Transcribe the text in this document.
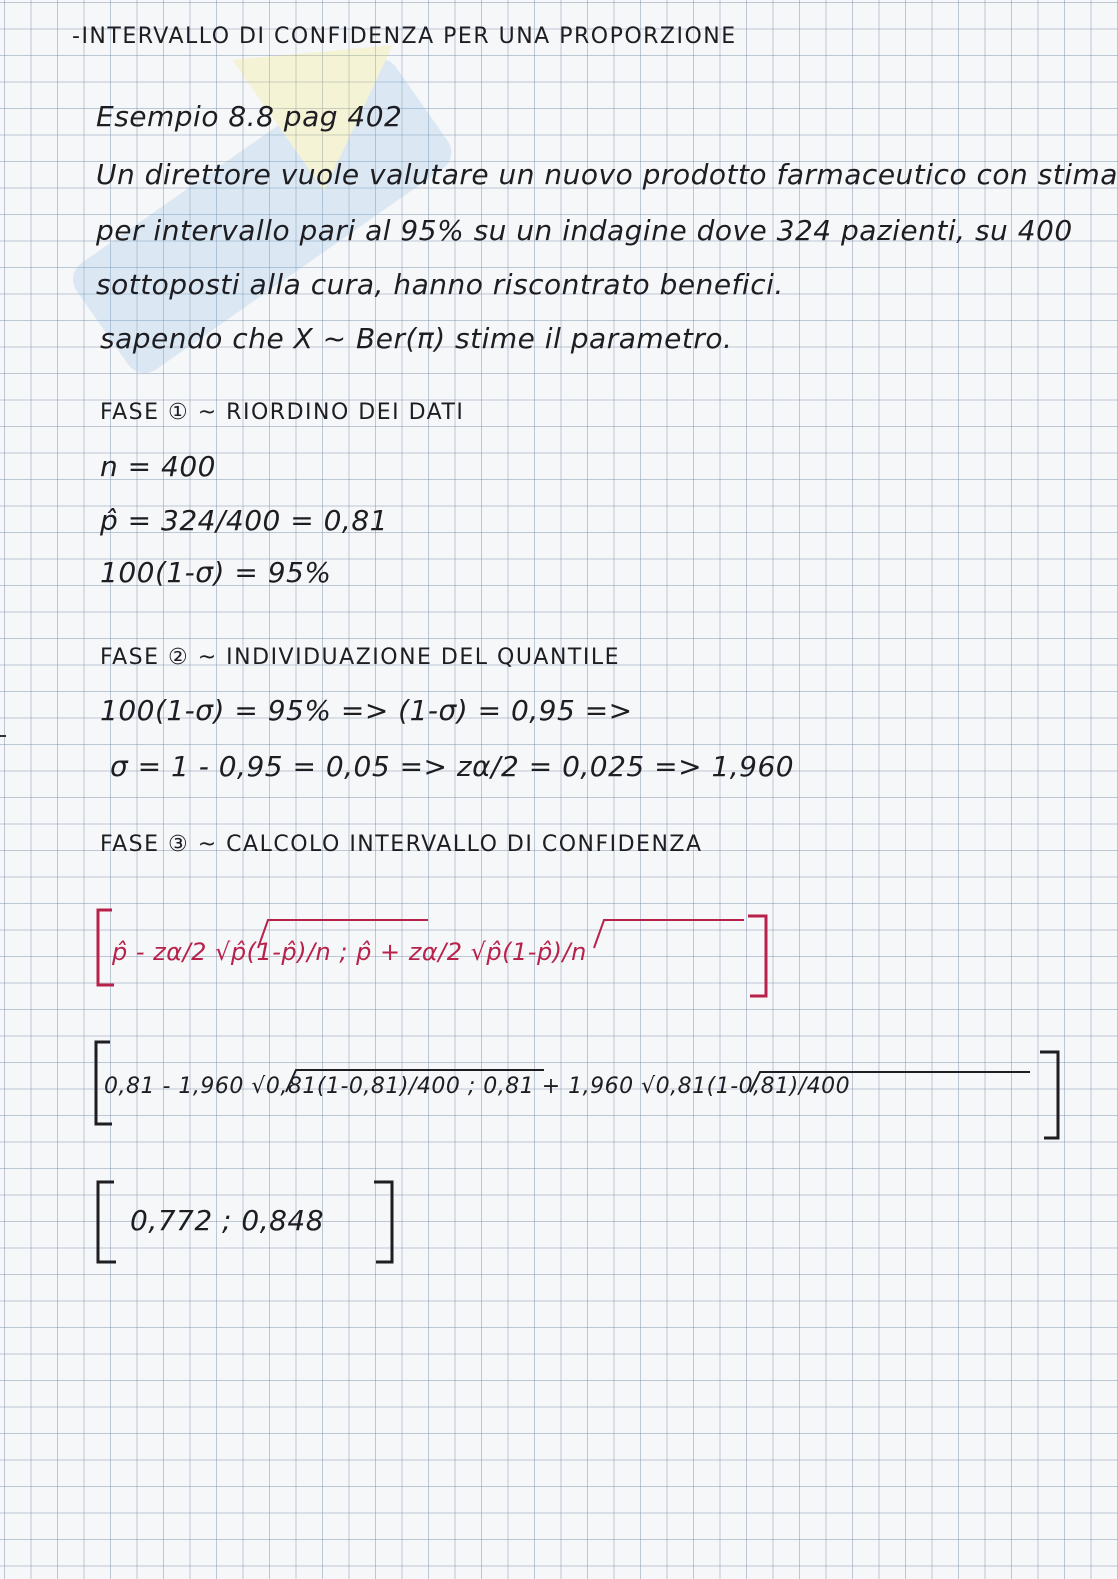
-INTERVALLO DI CONFIDENZA PER UNA PROPORZIONE
Esempio 8.8 pag 402
Un direttore vuole valutare un nuovo prodotto farmaceutico con stima
per intervallo pari al 95% su un indagine dove 324 pazienti, su 400
sottoposti alla cura, hanno riscontrato benefici.
sapendo che X ~ Ber(π) stime il parametro.
FASE ① ~ RIORDINO DEI DATI
n = 400
p̂ = 324/400 = 0,81
100(1-σ) = 95%
FASE ② ~ INDIVIDUAZIONE DEL QUANTILE
100(1-σ) = 95% => (1-σ) = 0,95 =>
σ = 1 - 0,95 = 0,05 => zα/2 = 0,025 => 1,960
FASE ③ ~ CALCOLO INTERVALLO DI CONFIDENZA
p̂ - zα/2 √p̂(1-p̂)/n ; p̂ + zα/2 √p̂(1-p̂)/n
0,81 - 1,960 √0,81(1-0,81)/400 ; 0,81 + 1,960 √0,81(1-0,81)/400
0,772 ; 0,848
